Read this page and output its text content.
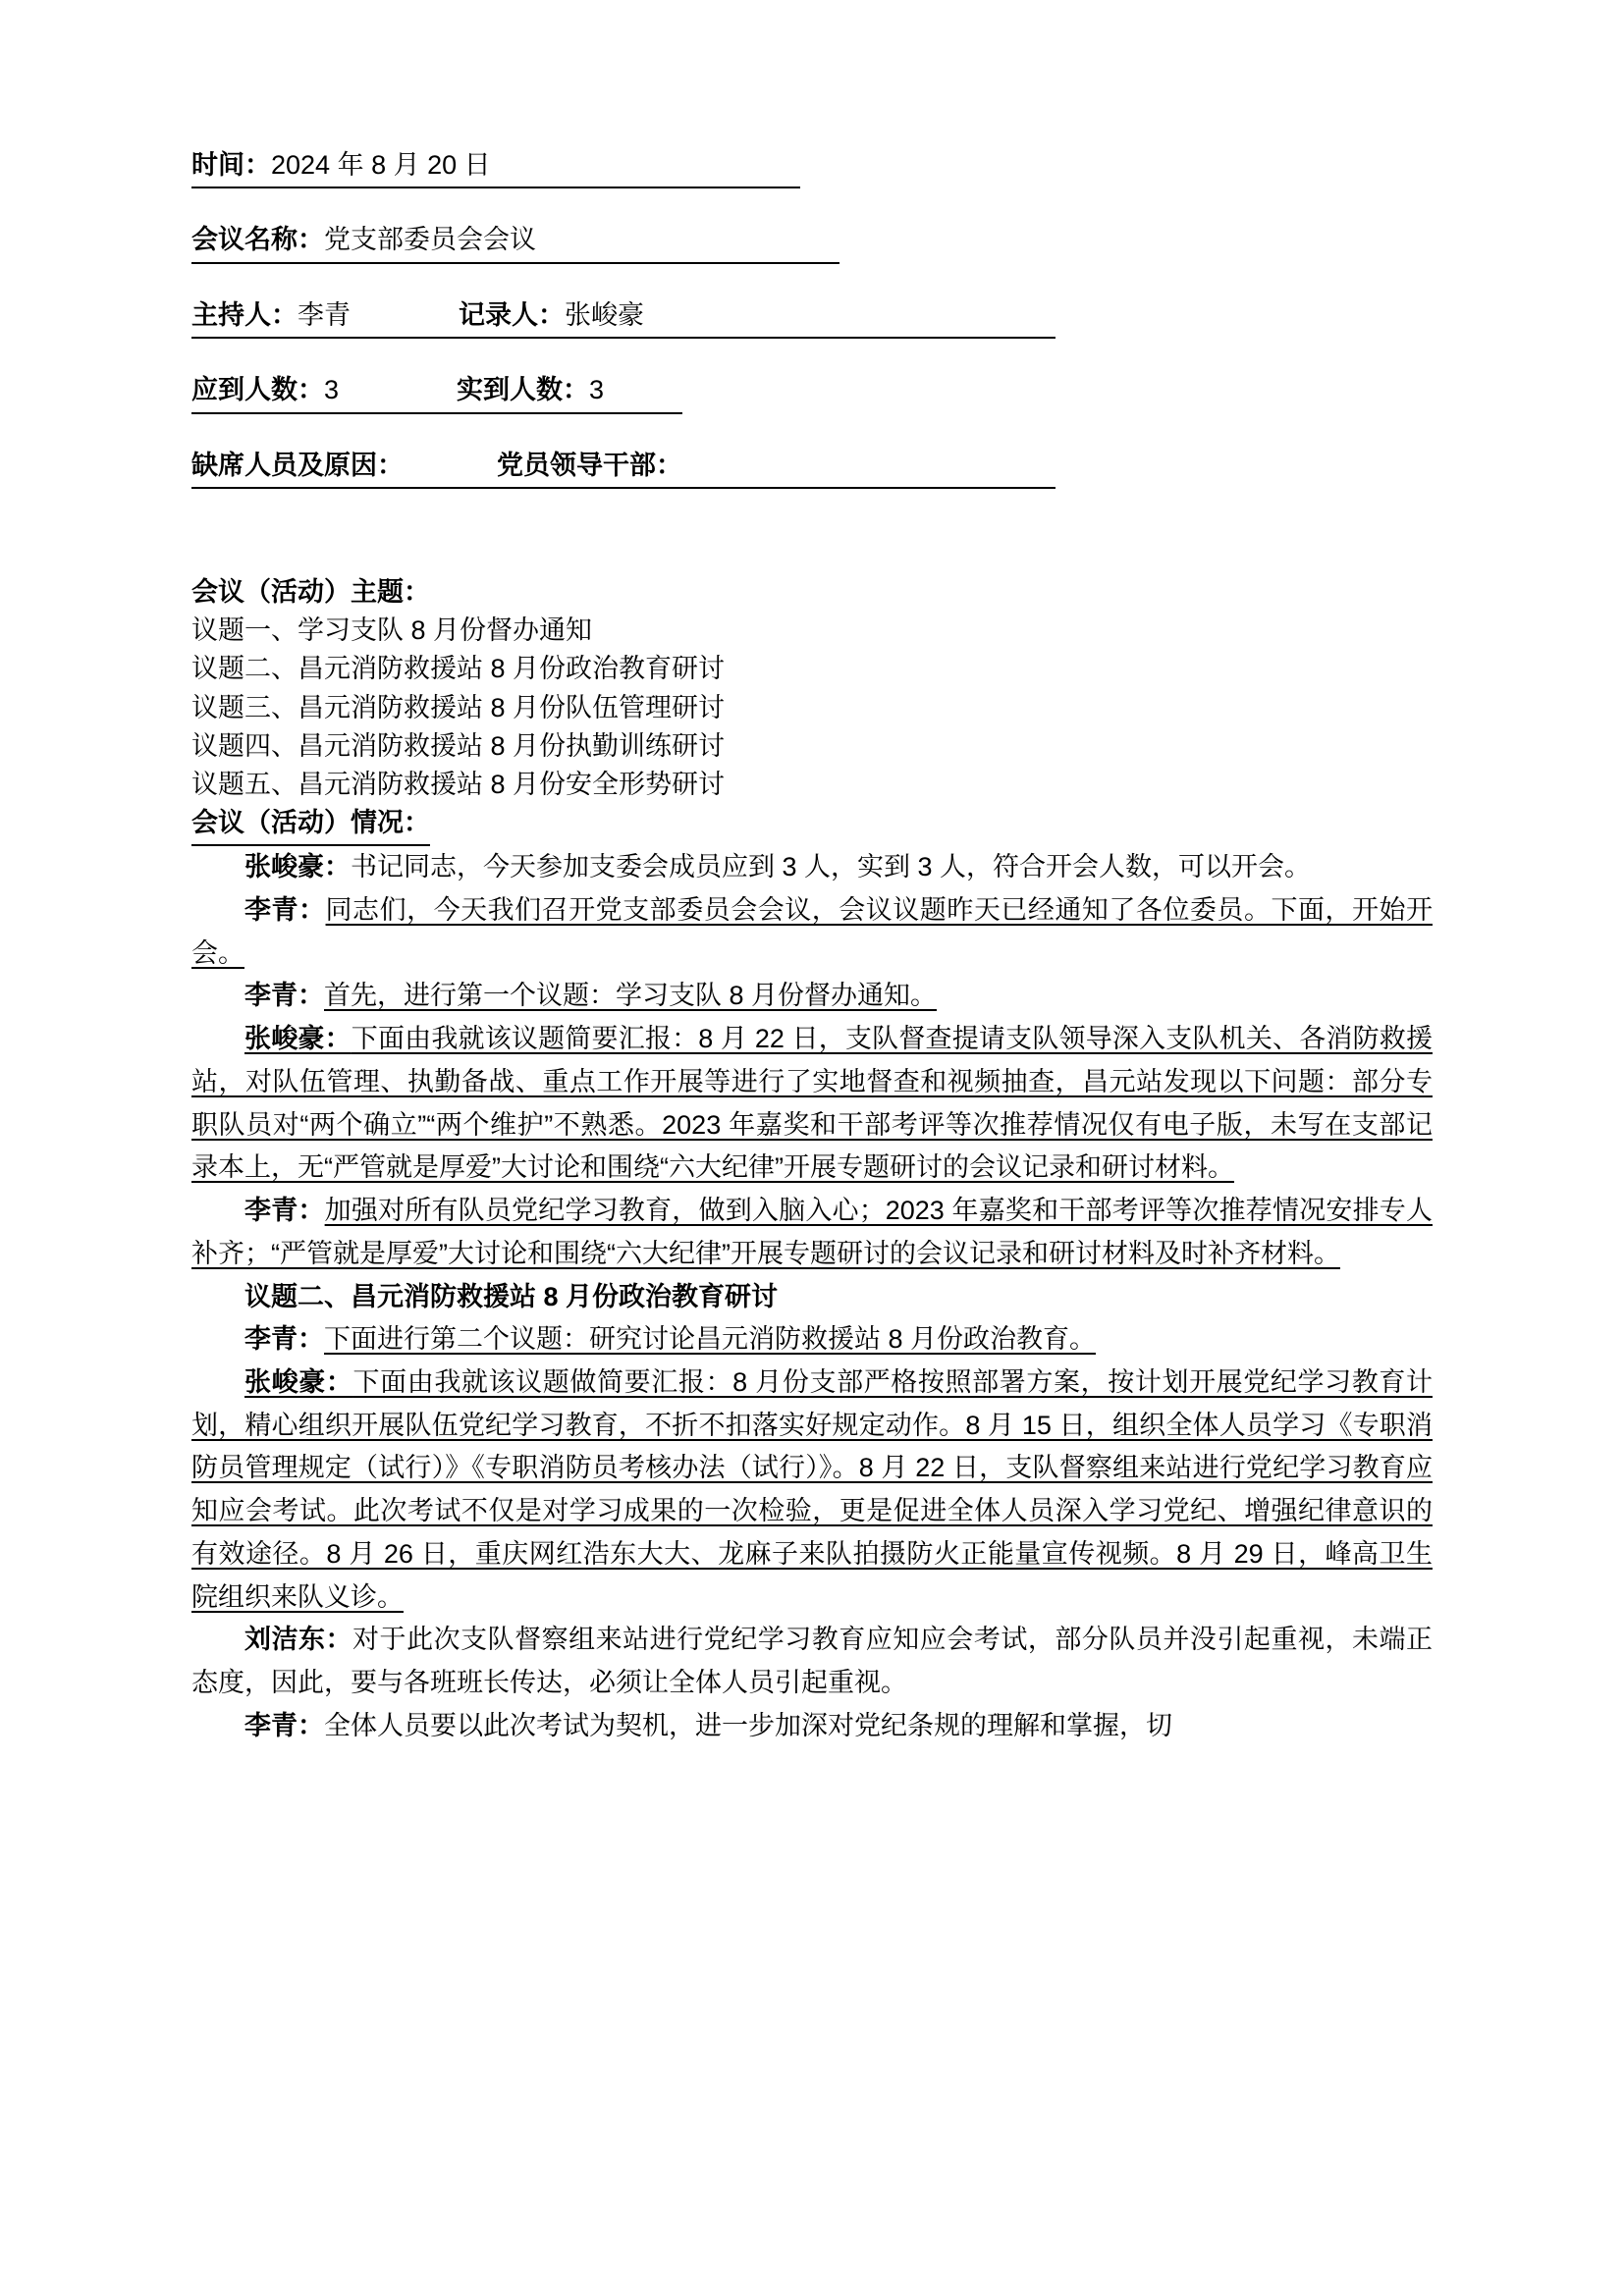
时间：2024 年 8 月 20 日
会议名称：党支部委员会会议
主持人：李青	记录人：张峻豪
应到人数：3	实到人数：3
缺席人员及原因：	党员领导干部：

会议（活动）主题：

议题一、学习支队 8 月份督办通知

议题二、昌元消防救援站 8 月份政治教育研讨

议题三、昌元消防救援站 8 月份队伍管理研讨

议题四、昌元消防救援站 8 月份执勤训练研讨

议题五、昌元消防救援站 8 月份安全形势研讨

会议（活动）情况：

张峻豪：书记同志，今天参加支委会成员应到 3 人，实到 3 人，符合开会人数，可以开会。

李青：同志们，今天我们召开党支部委员会会议，会议议题昨天已经通知了各位委员。下面，开始开会。

李青：首先，进行第一个议题：学习支队 8 月份督办通知。

张峻豪：下面由我就该议题简要汇报：8 月 22 日，支队督查提请支队领导深入支队机关、各消防救援站，对队伍管理、执勤备战、重点工作开展等进行了实地督查和视频抽查，昌元站发现以下问题：部分专职队员对“两个确立”“两个维护”不熟悉。2023 年嘉奖和干部考评等次推荐情况仅有电子版，未写在支部记录本上，无“严管就是厚爱”大讨论和围绕“六大纪律”开展专题研讨的会议记录和研讨材料。

李青：加强对所有队员党纪学习教育，做到入脑入心；2023 年嘉奖和干部考评等次推荐情况安排专人补齐；“严管就是厚爱”大讨论和围绕“六大纪律”开展专题研讨的会议记录和研讨材料及时补齐材料。

议题二、昌元消防救援站 8 月份政治教育研讨

李青：下面进行第二个议题：研究讨论昌元消防救援站 8 月份政治教育。

张峻豪：下面由我就该议题做简要汇报：8 月份支部严格按照部署方案，按计划开展党纪学习教育计划，精心组织开展队伍党纪学习教育，不折不扣落实好规定动作。8 月 15 日，组织全体人员学习《专职消防员管理规定（试行）》《专职消防员考核办法（试行）》。8 月 22 日，支队督察组来站进行党纪学习教育应知应会考试。此次考试不仅是对学习成果的一次检验，更是促进全体人员深入学习党纪、增强纪律意识的有效途径。8 月 26 日，重庆网红浩东大大、龙麻子来队拍摄防火正能量宣传视频。8 月 29 日，峰高卫生院组织来队义诊。

刘洁东：对于此次支队督察组来站进行党纪学习教育应知应会考试，部分队员并没引起重视，未端正态度，因此，要与各班班长传达，必须让全体人员引起重视。

李青：全体人员要以此次考试为契机，进一步加深对党纪条规的理解和掌握，切
